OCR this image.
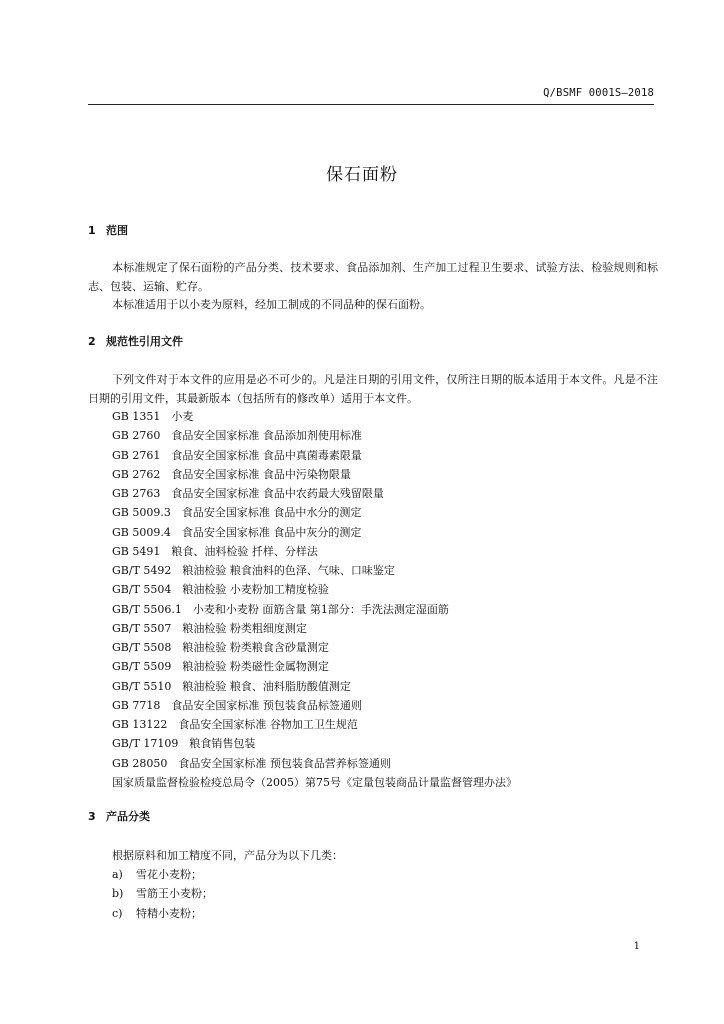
Q/BSMF 0001S—2018
保石面粉
1 范围
本标准规定了保石面粉的产品分类、技术要求、食品添加剂、生产加工过程卫生要求、试验方法、检验规则和标志、包装、运输、贮存。
本标准适用于以小麦为原料，经加工制成的不同品种的保石面粉。
2 规范性引用文件
下列文件对于本文件的应用是必不可少的。凡是注日期的引用文件，仅所注日期的版本适用于本文件。凡是不注日期的引用文件，其最新版本（包括所有的修改单）适用于本文件。
GB 1351　小麦
GB 2760　食品安全国家标准 食品添加剂使用标准
GB 2761　食品安全国家标准 食品中真菌毒素限量
GB 2762　食品安全国家标准 食品中污染物限量
GB 2763　食品安全国家标准 食品中农药最大残留限量
GB 5009.3　食品安全国家标准 食品中水分的测定
GB 5009.4　食品安全国家标准 食品中灰分的测定
GB 5491　粮食、油料检验 扦样、分样法
GB/T 5492　粮油检验 粮食油料的色泽、气味、口味鉴定
GB/T 5504　粮油检验 小麦粉加工精度检验
GB/T 5506.1　小麦和小麦粉 面筋含量 第1部分：手洗法测定湿面筋
GB/T 5507　粮油检验 粉类粗细度测定
GB/T 5508　粮油检验 粉类粮食含砂量测定
GB/T 5509　粮油检验 粉类磁性金属物测定
GB/T 5510　粮油检验 粮食、油料脂肪酸值测定
GB 7718　食品安全国家标准 预包装食品标签通则
GB 13122　食品安全国家标准 谷物加工卫生规范
GB/T 17109　粮食销售包装
GB 28050　食品安全国家标准 预包装食品营养标签通则
国家质量监督检验检疫总局令（2005）第75号《定量包装商品计量监督管理办法》
3 产品分类
根据原料和加工精度不同，产品分为以下几类：
a) 雪花小麦粉；
b) 雪筋王小麦粉；
c) 特精小麦粉；
1
